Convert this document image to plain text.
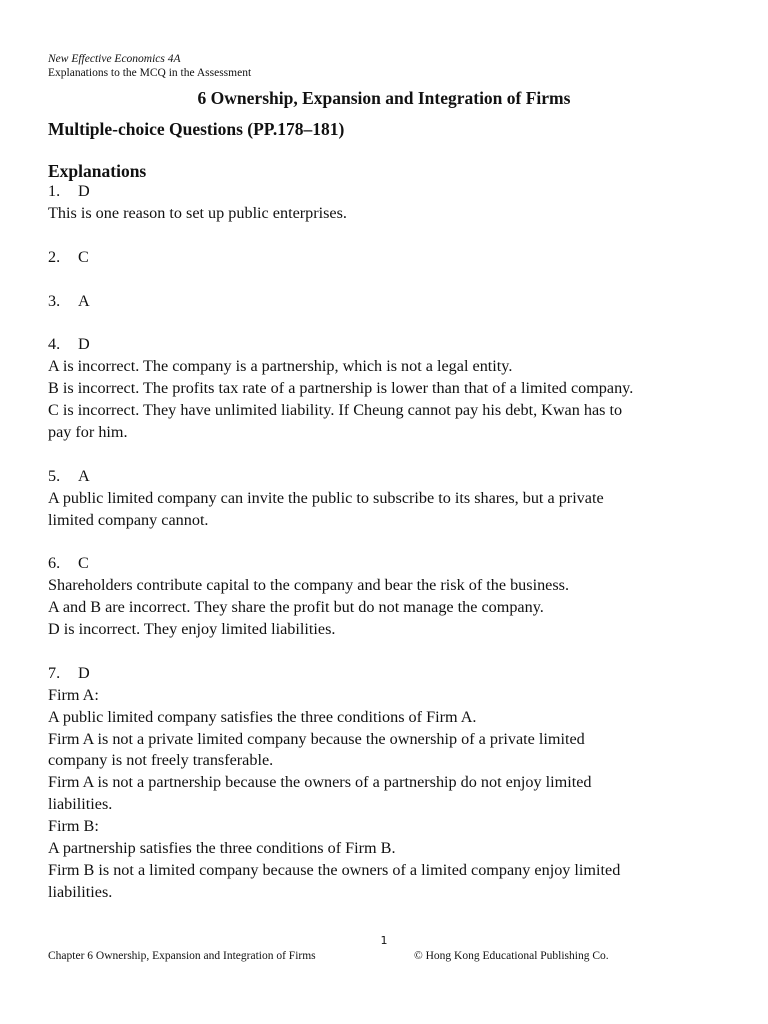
New Effective Economics 4A
Explanations to the MCQ in the Assessment
6 Ownership, Expansion and Integration of Firms
Multiple-choice Questions (PP.178–181)
Explanations
1. D
This is one reason to set up public enterprises.
2. C
3. A
4. D
A is incorrect. The company is a partnership, which is not a legal entity.
B is incorrect. The profits tax rate of a partnership is lower than that of a limited company.
C is incorrect. They have unlimited liability. If Cheung cannot pay his debt, Kwan has to
pay for him.
5. A
A public limited company can invite the public to subscribe to its shares, but a private
limited company cannot.
6. C
Shareholders contribute capital to the company and bear the risk of the business.
A and B are incorrect. They share the profit but do not manage the company.
D is incorrect. They enjoy limited liabilities.
7. D
Firm A:
A public limited company satisfies the three conditions of Firm A.
Firm A is not a private limited company because the ownership of a private limited
company is not freely transferable.
Firm A is not a partnership because the owners of a partnership do not enjoy limited
liabilities.
Firm B:
A partnership satisfies the three conditions of Firm B.
Firm B is not a limited company because the owners of a limited company enjoy limited
liabilities.
1
Chapter 6 Ownership, Expansion and Integration of Firms	© Hong Kong Educational Publishing Co.
